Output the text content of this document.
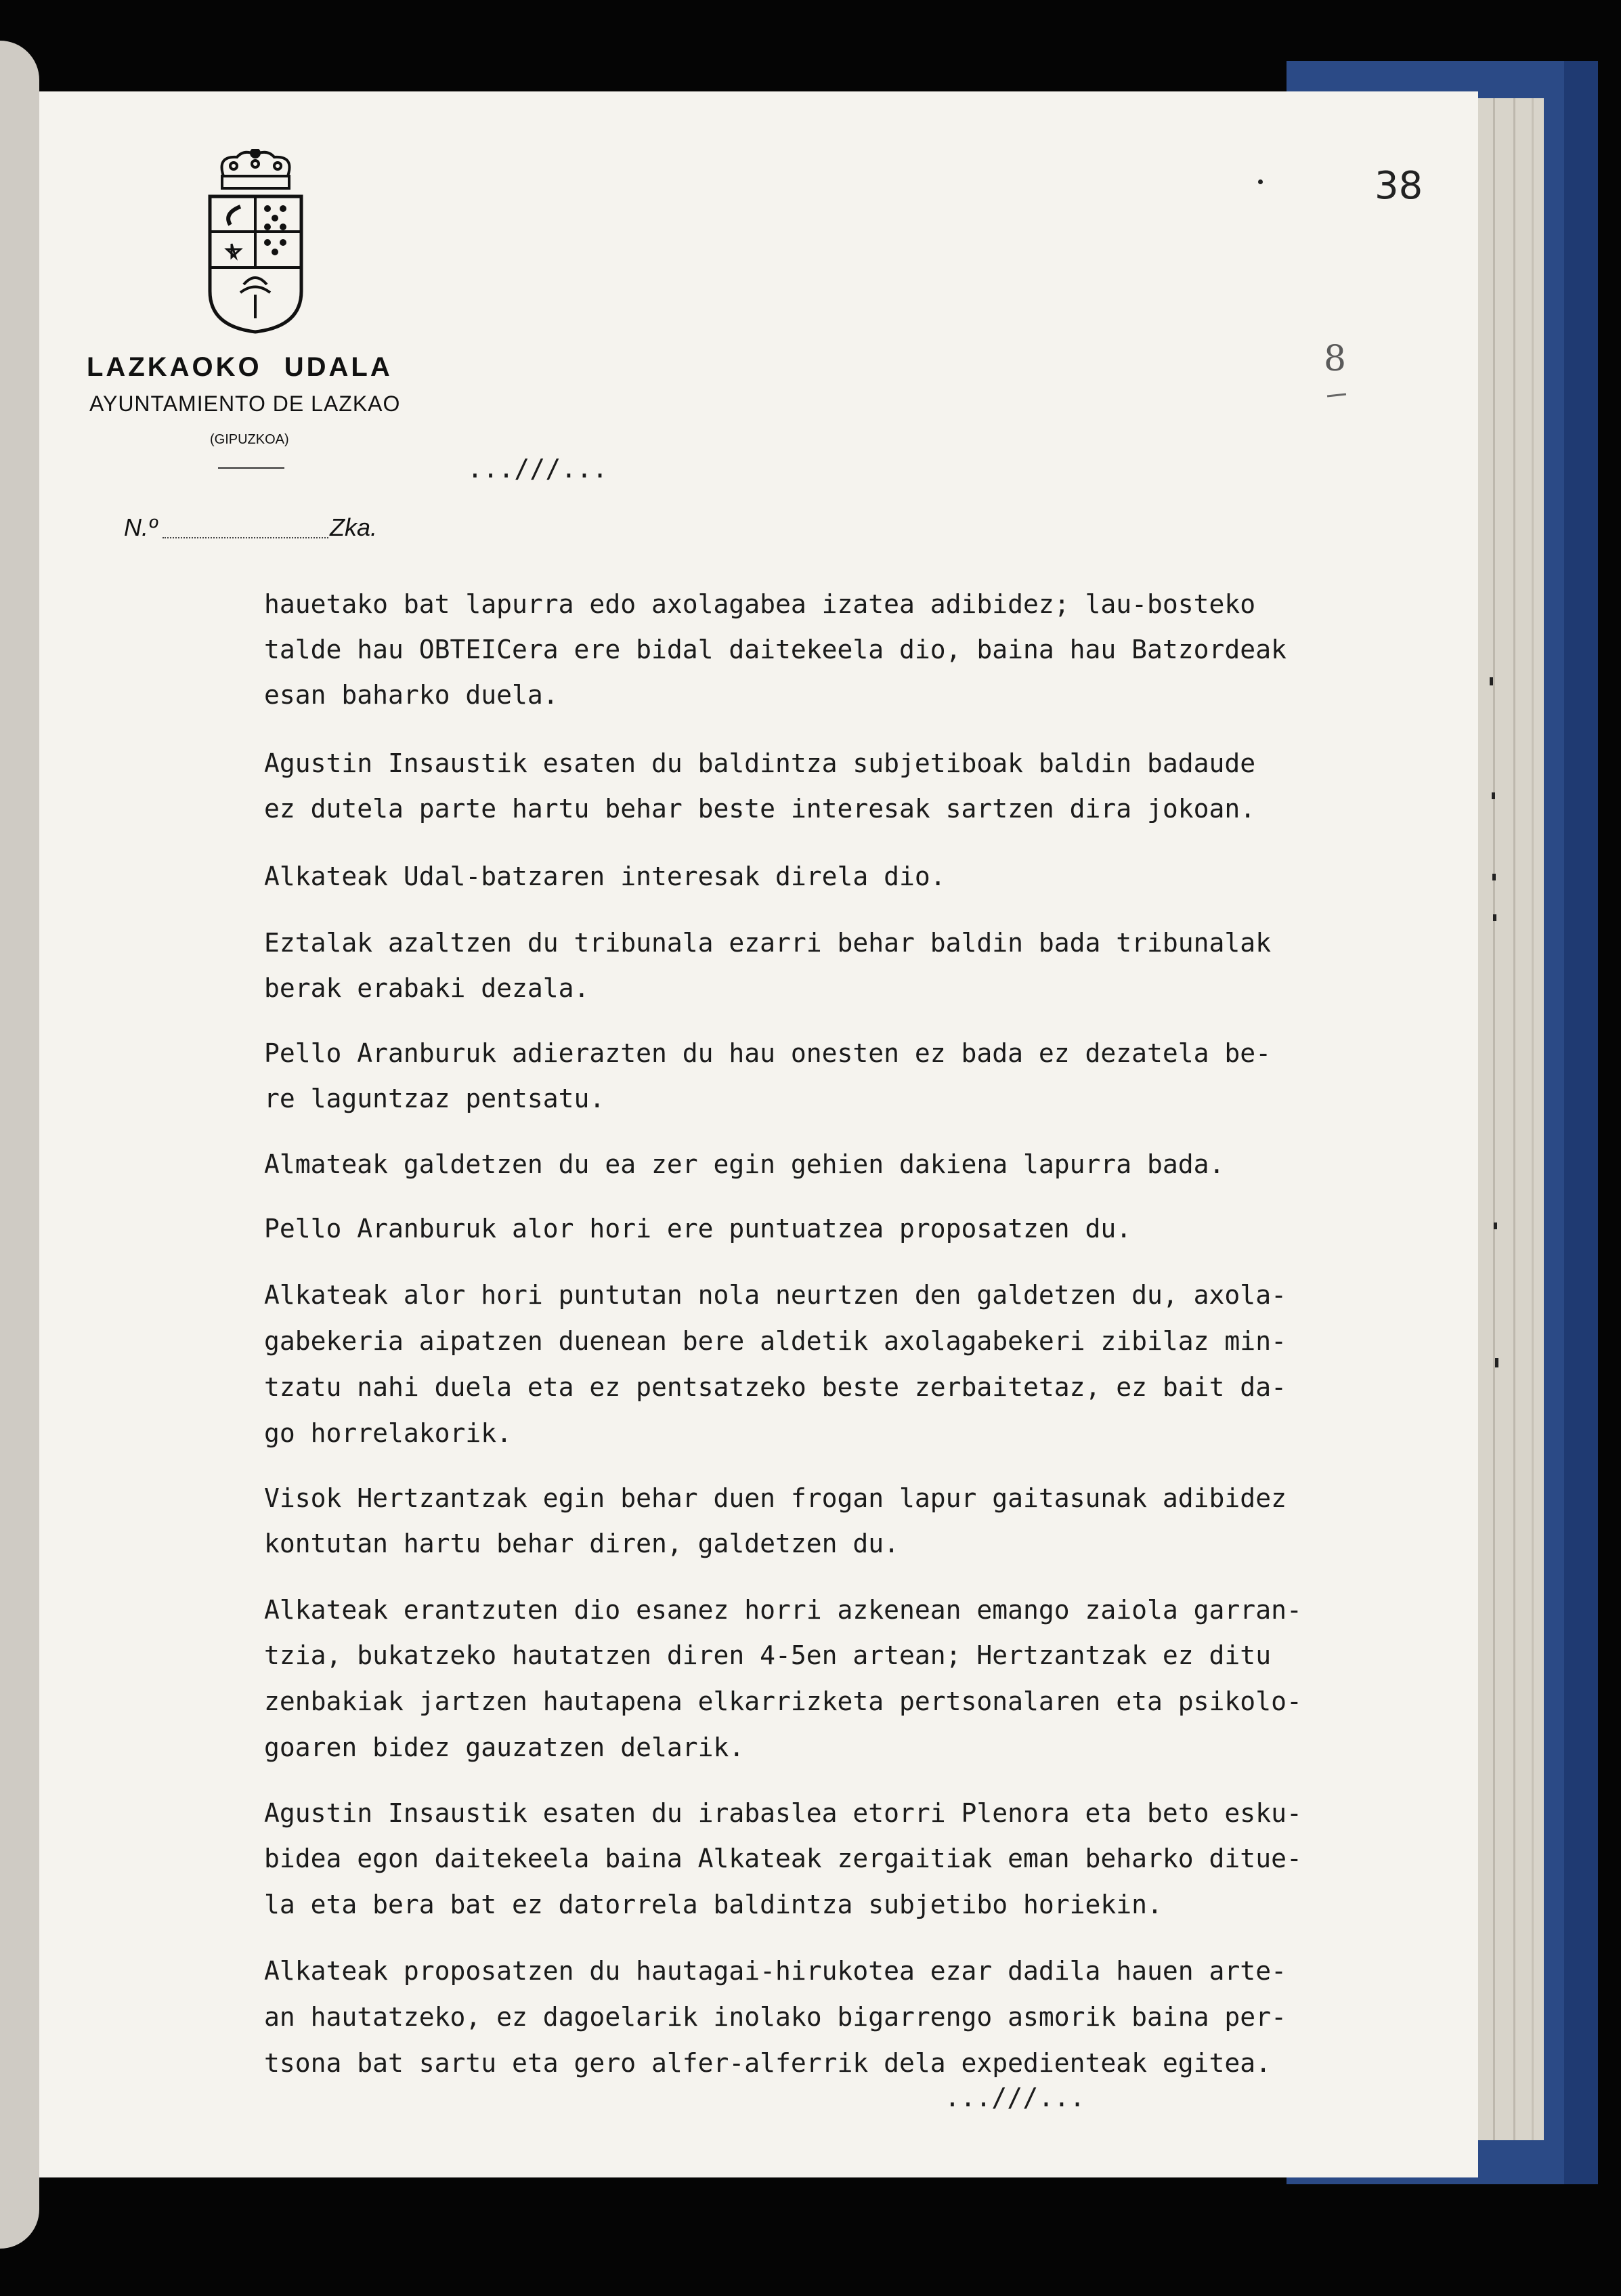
LAZKAOKO UDALA
AYUNTAMIENTO DE LAZKAO
(GIPUZKOA)
N.º	Zka.
38
8
...///...
hauetako bat lapurra edo axolagabea izatea adibidez; lau-bosteko
talde hau OBTEICera ere bidal daitekeela dio, baina hau Batzordeak
esan baharko duela.
Agustin Insaustik esaten du baldintza subjetiboak baldin badaude
ez dutela parte hartu behar beste interesak sartzen dira jokoan.
Alkateak Udal-batzaren interesak direla dio.
Eztalak azaltzen du tribunala ezarri behar baldin bada tribunalak
berak erabaki dezala.
Pello Aranburuk adierazten du hau onesten ez bada ez dezatela be-
re laguntzaz pentsatu.
Almateak galdetzen du ea zer egin gehien dakiena lapurra bada.
Pello Aranburuk alor hori ere puntuatzea proposatzen du.
Alkateak alor hori puntutan nola neurtzen den galdetzen du, axola-
gabekeria aipatzen duenean bere aldetik axolagabekeri zibilaz min-
tzatu nahi duela eta ez pentsatzeko beste zerbaitetaz, ez bait da-
go horrelakorik.
Visok Hertzantzak egin behar duen frogan lapur gaitasunak adibidez
kontutan hartu behar diren, galdetzen du.
Alkateak erantzuten dio esanez horri azkenean emango zaiola garran-
tzia, bukatzeko hautatzen diren 4-5en artean; Hertzantzak ez ditu
zenbakiak jartzen hautapena elkarrizketa pertsonalaren eta psikolo-
goaren bidez gauzatzen delarik.
Agustin Insaustik esaten du irabaslea etorri Plenora eta beto esku-
bidea egon daitekeela baina Alkateak zergaitiak eman beharko ditue-
la eta bera bat ez datorrela baldintza subjetibo horiekin.
Alkateak proposatzen du hautagai-hirukotea ezar dadila hauen arte-
an hautatzeko, ez dagoelarik inolako bigarrengo asmorik baina per-
tsona bat sartu eta gero alfer-alferrik dela expedienteak egitea.
...///...
